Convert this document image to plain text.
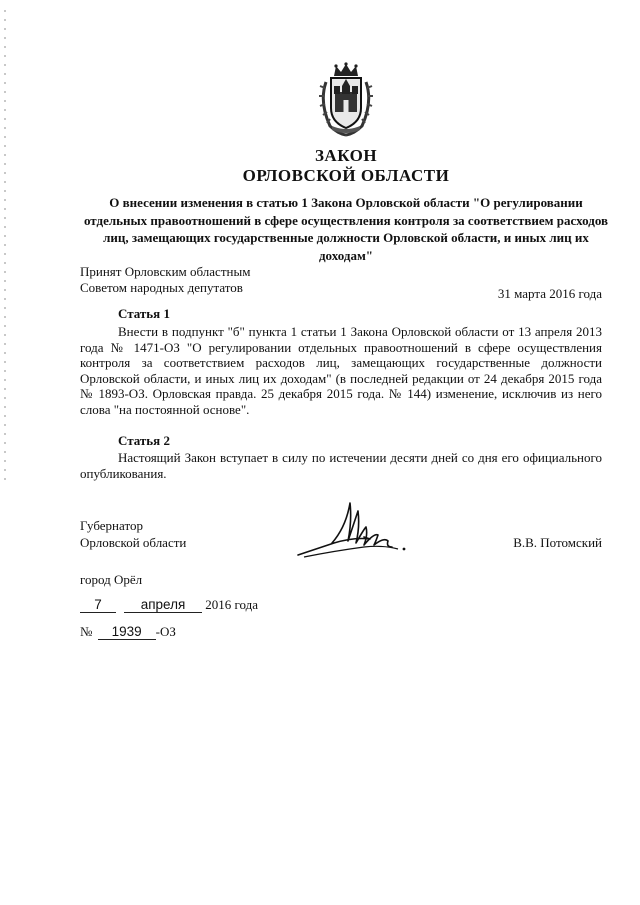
ЗАКОН
ОРЛОВСКОЙ ОБЛАСТИ
О внесении изменения в статью 1 Закона Орловской области "О регулировании отдельных правоотношений в сфере осуществления контроля за соответствием расходов лиц, замещающих государственные должности Орловской области, и иных лиц их доходам"
Принят Орловским областным
Советом народных депутатов	31 марта 2016 года
Статья 1
Внести в подпункт "б" пункта 1 статьи 1 Закона Орловской области от 13 апреля 2013 года № 1471-ОЗ "О регулировании отдельных правоотношений в сфере осуществления контроля за соответствием расходов лиц, замещающих государственные должности Орловской области, и иных лиц их доходам" (в последней редакции от 24 декабря 2015 года № 1893-ОЗ. Орловская правда. 25 декабря 2015 года. № 144) изменение, исключив из него слова "на постоянной основе".
Статья 2
Настоящий Закон вступает в силу по истечении десяти дней со дня его официального опубликования.
Губернатор
Орловской области	В.В. Потомский
город Орёл
7	апреля 2016 года
№ 1939 -ОЗ
